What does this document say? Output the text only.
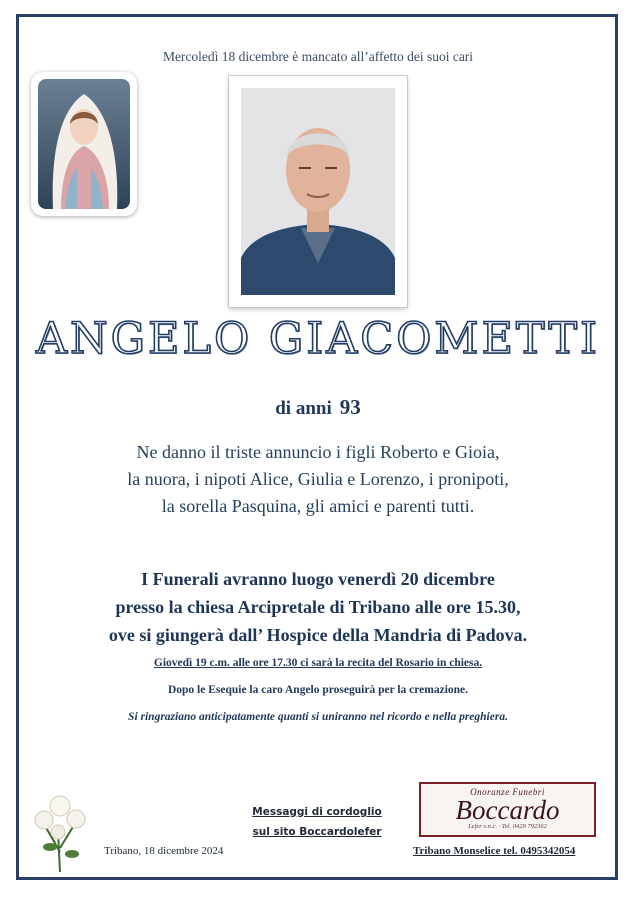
Mercoledì 18 dicembre è mancato all’affetto dei suoi cari
ANGELO GIACOMETTI
di anni 93
Ne danno il triste annuncio i figli Roberto e Gioia,
la nuora, i nipoti Alice, Giulia e Lorenzo, i pronipoti,
la sorella Pasquina, gli amici e parenti tutti.
I Funerali avranno luogo venerdì 20 dicembre
presso la chiesa Arcipretale di Tribano alle ore 15.30,
ove si giungerà dall’ Hospice della Mandria di Padova.
Giovedì 19 c.m. alle ore 17.30 ci sarà la recita del Rosario in chiesa.
Dopo le Esequie la caro Angelo proseguirà per la cremazione.
Si ringraziano anticipatamente quanti si uniranno nel ricordo e nella preghiera.
Messaggi di cordoglio
sul sito Boccardolefer
Tribano, 18 dicembre 2024
Onoranze Funebri
Boccardo
Lefer s.n.c. · Tel. 0429 792362
Tribano Monselice tel. 0495342054
